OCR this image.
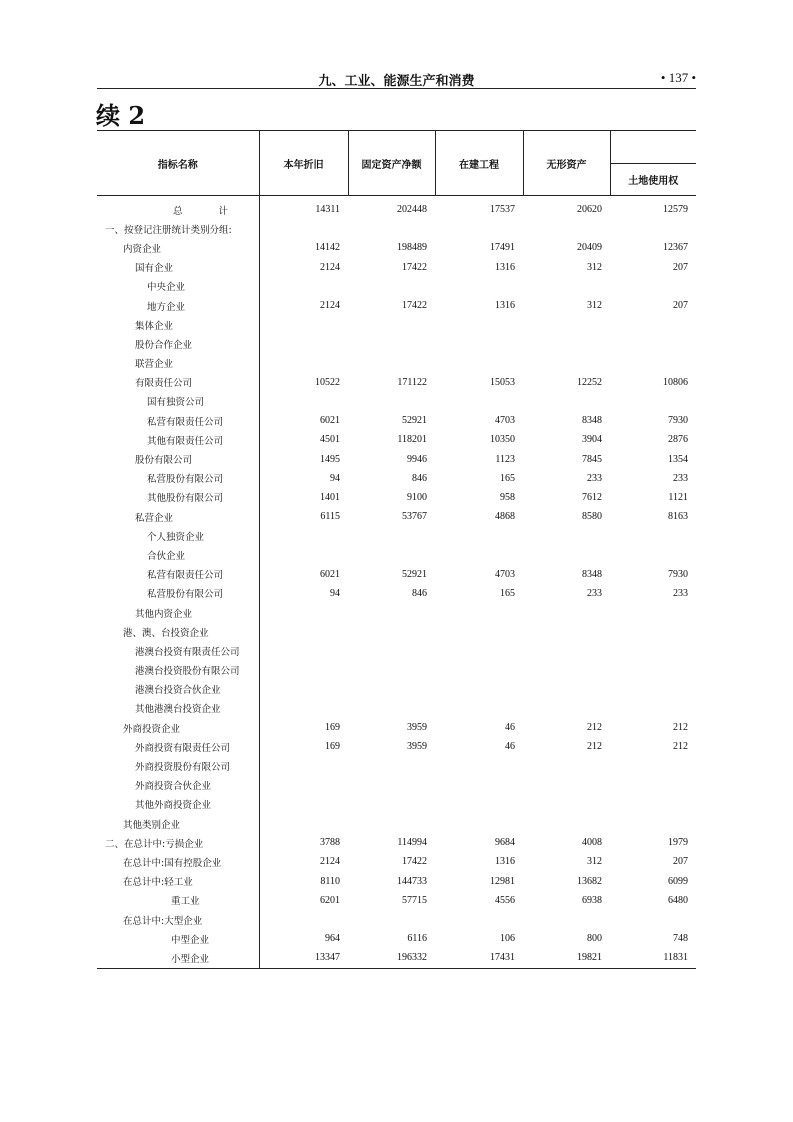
九、工业、能源生产和消费	• 137 •
续 2
指标名称	本年折旧	固定资产净额	在建工程	无形资产	土地使用权

总计	14311	202448	17537	20620	12579
一、按登记注册统计类别分组:					
内资企业	14142	198489	17491	20409	12367
国有企业	2124	17422	1316	312	207
中央企业					
地方企业	2124	17422	1316	312	207
集体企业					
股份合作企业					
联营企业					
有限责任公司	10522	171122	15053	12252	10806
国有独资公司					
私营有限责任公司	6021	52921	4703	8348	7930
其他有限责任公司	4501	118201	10350	3904	2876
股份有限公司	1495	9946	1123	7845	1354
私营股份有限公司	94	846	165	233	233
其他股份有限公司	1401	9100	958	7612	1121
私营企业	6115	53767	4868	8580	8163
个人独资企业					
合伙企业					
私营有限责任公司	6021	52921	4703	8348	7930
私营股份有限公司	94	846	165	233	233
其他内资企业					
港、澳、台投资企业					
港澳台投资有限责任公司					
港澳台投资股份有限公司					
港澳台投资合伙企业					
其他港澳台投资企业					
外商投资企业	169	3959	46	212	212
外商投资有限责任公司	169	3959	46	212	212
外商投资股份有限公司					
外商投资合伙企业					
其他外商投资企业					
其他类别企业					
二、在总计中:亏损企业	3788	114994	9684	4008	1979
在总计中:国有控股企业	2124	17422	1316	312	207
在总计中:轻工业	8110	144733	12981	13682	6099
重工业	6201	57715	4556	6938	6480
在总计中:大型企业					
中型企业	964	6116	106	800	748
小型企业	13347	196332	17431	19821	11831
